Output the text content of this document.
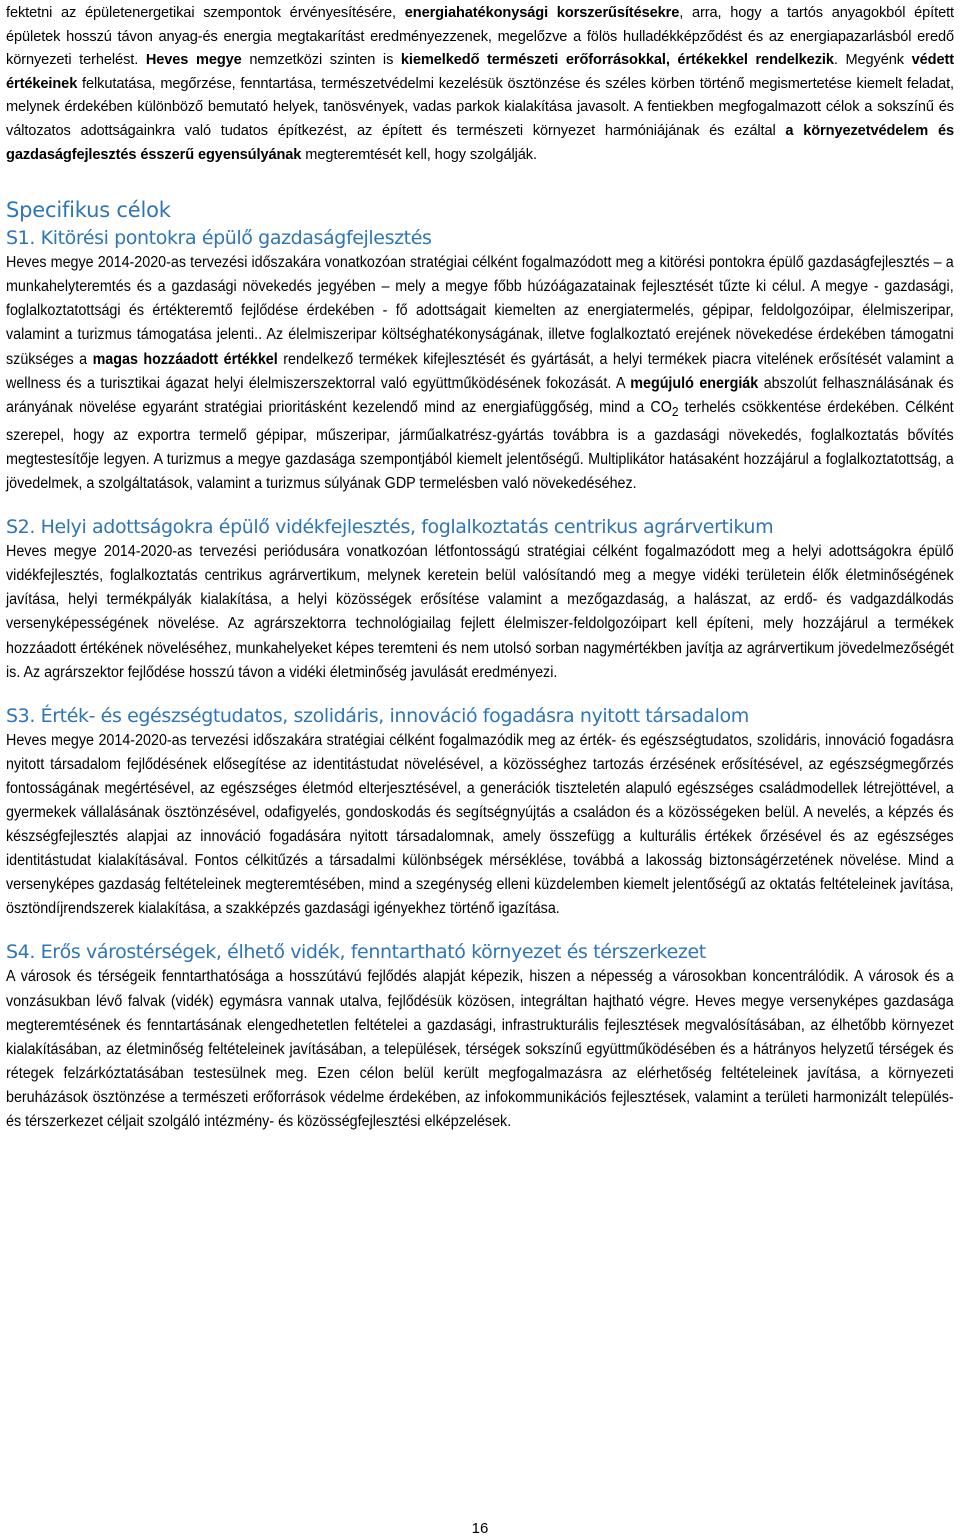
fektetni az épületenergetikai szempontok érvényesítésére, energiahatékonysági korszerűsítésekre, arra, hogy a tartós anyagokból épített épületek hosszú távon anyag-és energia megtakarítást eredményezzenek, megelőzve a fölös hulladékképződést és az energiapazarlásból eredő környezeti terhelést. Heves megye nemzetközi szinten is kiemelkedő természeti erőforrásokkal, értékekkel rendelkezik. Megyénk védett értékeinek felkutatása, megőrzése, fenntartása, természetvédelmi kezelésük ösztönzése és széles körben történő megismertetése kiemelt feladat, melynek érdekében különböző bemutató helyek, tanösvények, vadas parkok kialakítása javasolt. A fentiekben megfogalmazott célok a sokszínű és változatos adottságainkra való tudatos építkezést, az épített és természeti környezet harmóniájának és ezáltal a környezetvédelem és gazdaságfejlesztés ésszerű egyensúlyának megteremtését kell, hogy szolgálják.

Specifikus célok
S1. Kitörési pontokra épülő gazdaságfejlesztés

Heves megye 2014-2020-as tervezési időszakára vonatkozóan stratégiai célként fogalmazódott meg a kitörési pontokra épülő gazdaságfejlesztés – a munkahelyteremtés és a gazdasági növekedés jegyében – mely a megye főbb húzóágazatainak fejlesztését tűzte ki célul. A megye - gazdasági, foglalkoztatottsági és értékteremtő fejlődése érdekében - fő adottságait kiemelten az energiatermelés, gépipar, feldolgozóipar, élelmiszeripar, valamint a turizmus támogatása jelenti.. Az élelmiszeripar költséghatékonyságának, illetve foglalkoztató erejének növekedése érdekében támogatni szükséges a magas hozzáadott értékkel rendelkező termékek kifejlesztését és gyártását, a helyi termékek piacra vitelének erősítését valamint a wellness és a turisztikai ágazat helyi élelmiszerszektorral való együttműködésének fokozását. A megújuló energiák abszolút felhasználásának és arányának növelése egyaránt stratégiai prioritásként kezelendő mind az energiafüggőség, mind a $CO_2$ terhelés csökkentése érdekében. Célként szerepel, hogy az exportra termelő gépipar, műszeripar, járműalkatrész-gyártás továbbra is a gazdasági növekedés, foglalkoztatás bővítés megtestesítője legyen. A turizmus a megye gazdasága szempontjából kiemelt jelentőségű. Multiplikátor hatásaként hozzájárul a foglalkoztatottság, a jövedelmek, a szolgáltatások, valamint a turizmus súlyának GDP termelésben való növekedéséhez.

S2. Helyi adottságokra épülő vidékfejlesztés, foglalkoztatás centrikus agrárvertikum

Heves megye 2014-2020-as tervezési periódusára vonatkozóan létfontosságú stratégiai célként fogalmazódott meg a helyi adottságokra épülő vidékfejlesztés, foglalkoztatás centrikus agrárvertikum, melynek keretein belül valósítandó meg a megye vidéki területein élők életminőségének javítása, helyi termékpályák kialakítása, a helyi közösségek erősítése valamint a mezőgazdaság, a halászat, az erdő- és vadgazdálkodás versenyképességének növelése. Az agrárszektorra technológiailag fejlett élelmiszer-feldolgozóipart kell építeni, mely hozzájárul a termékek hozzáadott értékének növeléséhez, munkahelyeket képes teremteni és nem utolsó sorban nagymértékben javítja az agrárvertikum jövedelmezőségét is. Az agrárszektor fejlődése hosszú távon a vidéki életminőség javulását eredményezi.

S3. Érték- és egészségtudatos, szolidáris, innováció fogadásra nyitott társadalom

Heves megye 2014-2020-as tervezési időszakára stratégiai célként fogalmazódik meg az érték- és egészségtudatos, szolidáris, innováció fogadásra nyitott társadalom fejlődésének elősegítése az identitástudat növelésével, a közösséghez tartozás érzésének erősítésével, az egészségmegőrzés fontosságának megértésével, az egészséges életmód elterjesztésével, a generációk tiszteletén alapuló egészséges családmodellek létrejöttével, a gyermekek vállalásának ösztönzésével, odafigyelés, gondoskodás és segítségnyújtás a családon és a közösségeken belül. A nevelés, a képzés és készségfejlesztés alapjai az innováció fogadására nyitott társadalomnak, amely összefügg a kulturális értékek őrzésével és az egészséges identitástudat kialakításával. Fontos célkitűzés a társadalmi különbségek mérséklése, továbbá a lakosság biztonságérzetének növelése. Mind a versenyképes gazdaság feltételeinek megteremtésében, mind a szegénység elleni küzdelemben kiemelt jelentőségű az oktatás feltételeinek javítása, ösztöndíjrendszerek kialakítása, a szakképzés gazdasági igényekhez történő igazítása.

S4. Erős várostérségek, élhető vidék, fenntartható környezet és térszerkezet

A városok és térségeik fenntarthatósága a hosszútávú fejlődés alapját képezik, hiszen a népesség a városokban koncentrálódik. A városok és a vonzásukban lévő falvak (vidék) egymásra vannak utalva, fejlődésük közösen, integráltan hajtható végre. Heves megye versenyképes gazdasága megteremtésének és fenntartásának elengedhetetlen feltételei a gazdasági, infrastrukturális fejlesztések megvalósításában, az élhetőbb környezet kialakításában, az életminőség feltételeinek javításában, a települések, térségek sokszínű együttműködésében és a hátrányos helyzetű térségek és rétegek felzárkóztatásában testesülnek meg. Ezen célon belül került megfogalmazásra az elérhetőség feltételeinek javítása, a környezeti beruházások ösztönzése a természeti erőforrások védelme érdekében, az infokommunikációs fejlesztések, valamint a területi harmonizált település- és térszerkezet céljait szolgáló intézmény- és közösségfejlesztési elképzelések.

16
